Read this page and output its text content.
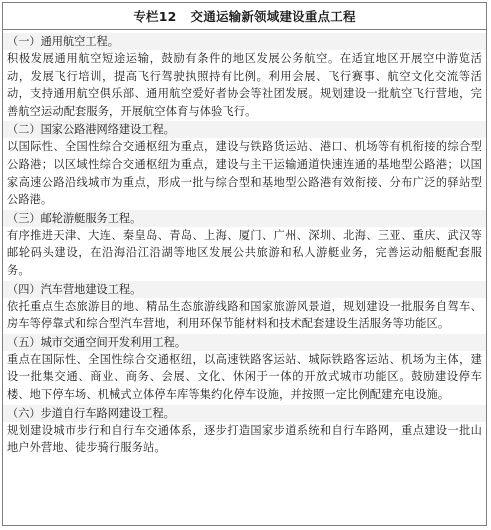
专栏12 交通运输新领域建设重点工程
（一）通用航空工程。

积极发展通用航空短途运输，鼓励有条件的地区发展公务航空。在适宜地区开展空中游览活动，发展飞行培训，提高飞行驾驶执照持有比例。利用会展、飞行赛事、航空文化交流等活动，支持通用航空俱乐部、通用航空爱好者协会等社团发展。规划建设一批航空飞行营地，完善航空运动配套服务，开展航空体育与体验飞行。

（二）国家公路港网络建设工程。

以国际性、全国性综合交通枢纽为重点，建设与铁路货运站、港口、机场等有机衔接的综合型公路港；以区域性综合交通枢纽为重点，建设与主干运输通道快速连通的基地型公路港；以国家高速公路沿线城市为重点，形成一批与综合型和基地型公路港有效衔接、分布广泛的驿站型公路港。

（三）邮轮游艇服务工程。

有序推进天津、大连、秦皇岛、青岛、上海、厦门、广州、深圳、北海、三亚、重庆、武汉等邮轮码头建设，在沿海沿江沿湖等地区发展公共旅游和私人游艇业务，完善运动船艇配套服务。

（四）汽车营地建设工程。

依托重点生态旅游目的地、精品生态旅游线路和国家旅游风景道，规划建设一批服务自驾车、房车等停靠式和综合型汽车营地，利用环保节能材料和技术配套建设生活服务等功能区。

（五）城市交通空间开发利用工程。

重点在国际性、全国性综合交通枢纽，以高速铁路客运站、城际铁路客运站、机场为主体，建设一批集交通、商业、商务、会展、文化、休闲于一体的开放式城市功能区。鼓励建设停车楼、地下停车场、机械式立体停车库等集约化停车设施，并按照一定比例配建充电设施。

（六）步道自行车路网建设工程。

规划建设城市步行和自行车交通体系，逐步打造国家步道系统和自行车路网，重点建设一批山地户外营地、徒步骑行服务站。
